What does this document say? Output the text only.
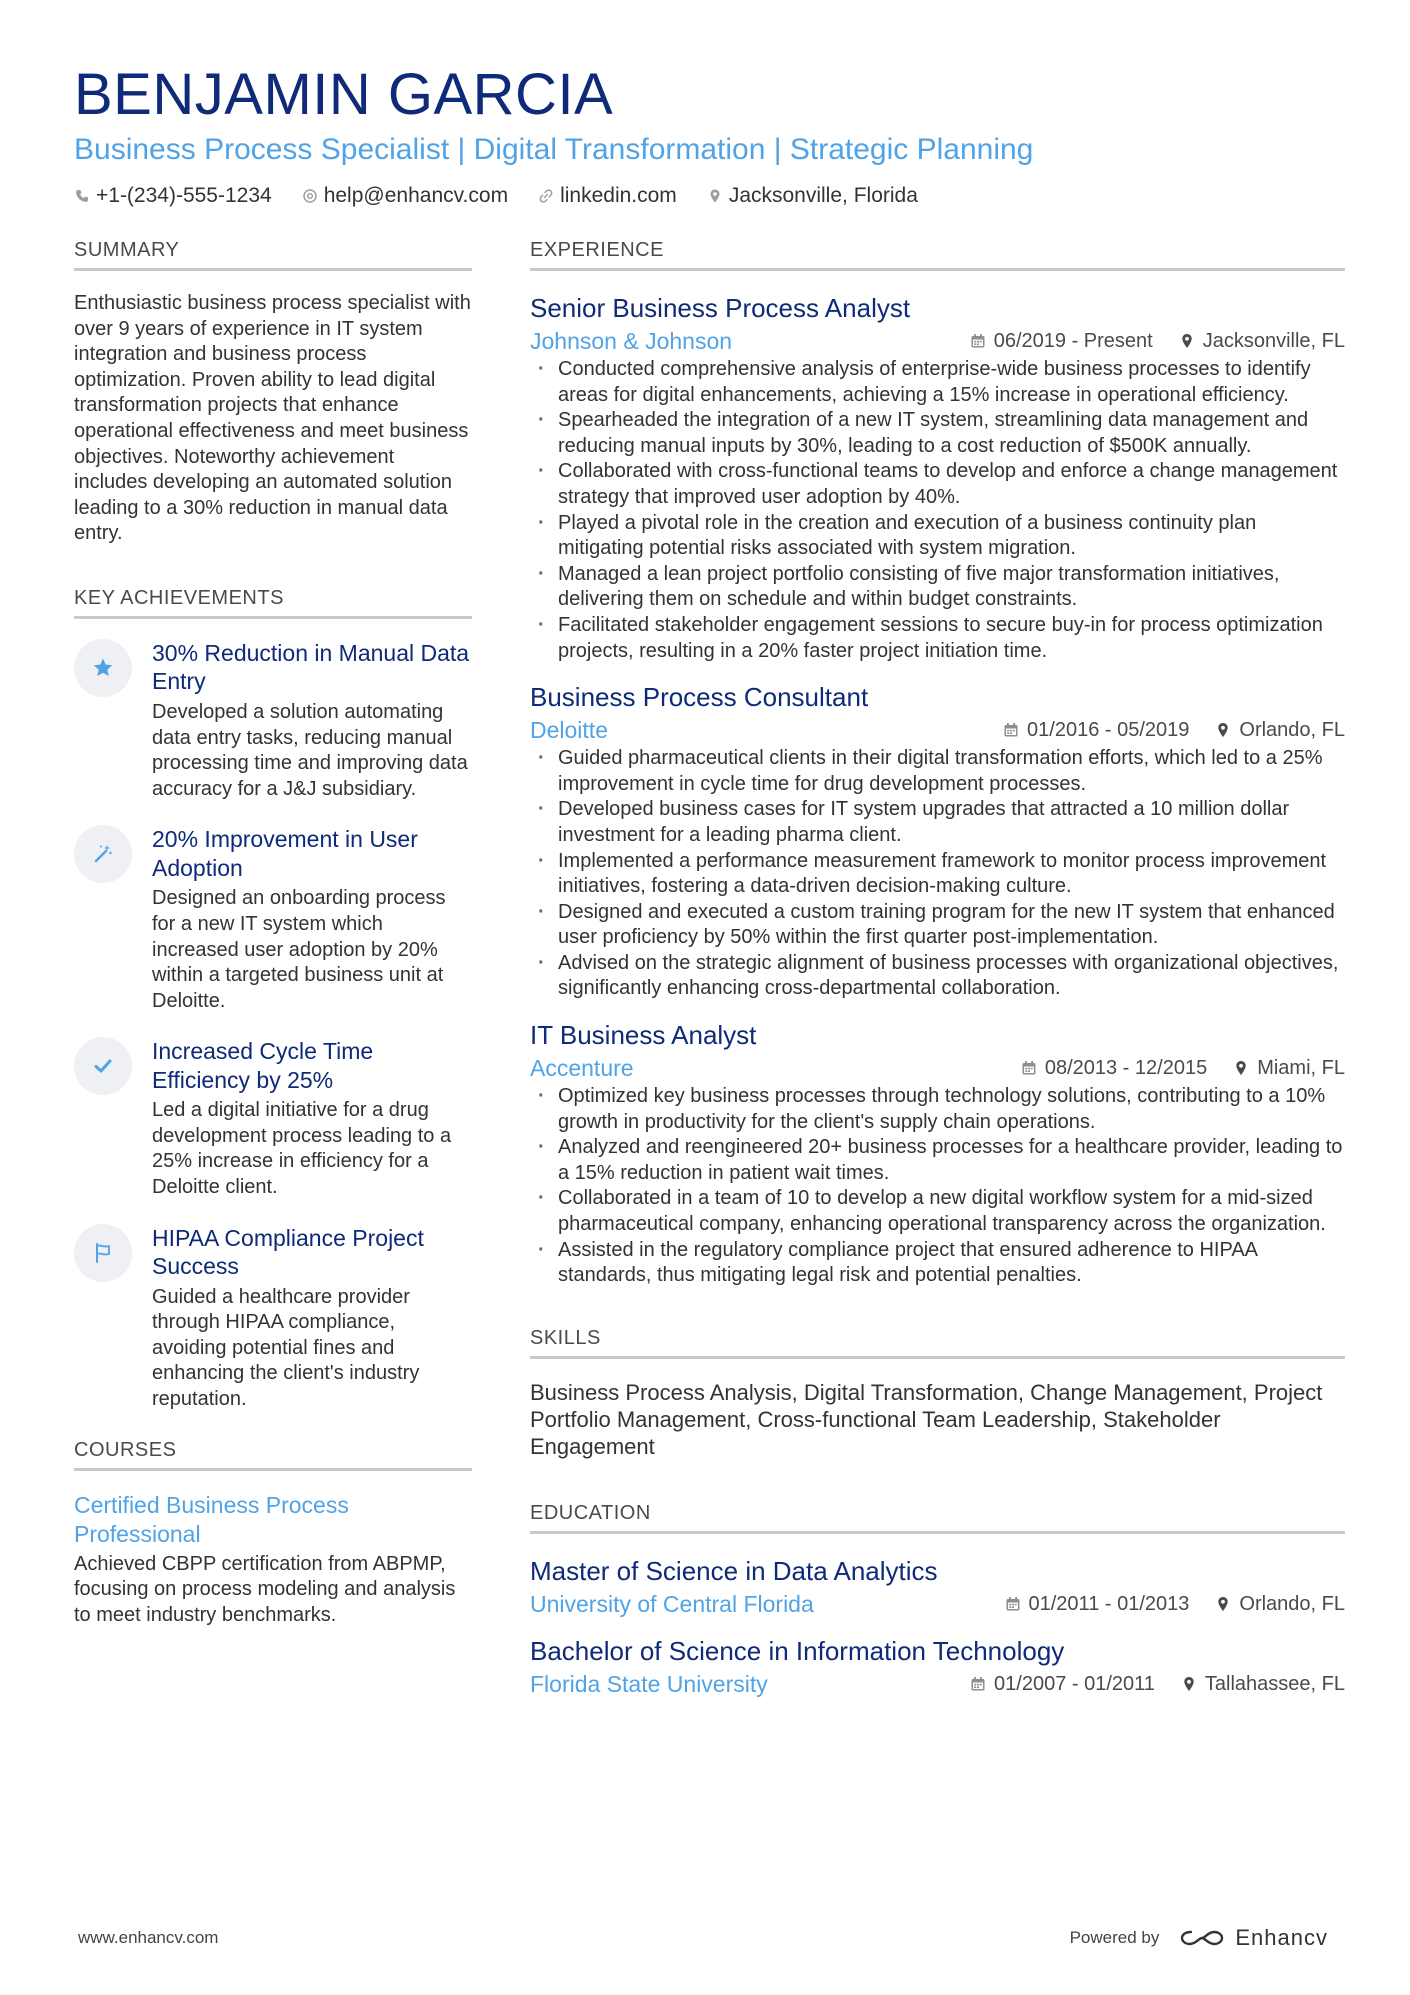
BENJAMIN GARCIA
Business Process Specialist | Digital Transformation | Strategic Planning
+1-(234)-555-1234 help@enhancv.com linkedin.com Jacksonville, Florida
SUMMARY
Enthusiastic business process specialist with over 9 years of experience in IT system integration and business process optimization. Proven ability to lead digital transformation projects that enhance operational effectiveness and meet business objectives. Noteworthy achievement includes developing an automated solution leading to a 30% reduction in manual data entry.
KEY ACHIEVEMENTS
30% Reduction in Manual Data Entry
Developed a solution automating data entry tasks, reducing manual processing time and improving data accuracy for a J&J subsidiary.
20% Improvement in User Adoption
Designed an onboarding process for a new IT system which increased user adoption by 20% within a targeted business unit at Deloitte.
Increased Cycle Time Efficiency by 25%
Led a digital initiative for a drug development process leading to a 25% increase in efficiency for a Deloitte client.
HIPAA Compliance Project Success
Guided a healthcare provider through HIPAA compliance, avoiding potential fines and enhancing the client's industry reputation.
COURSES
Certified Business Process Professional
Achieved CBPP certification from ABPMP, focusing on process modeling and analysis to meet industry benchmarks.
EXPERIENCE
Senior Business Process Analyst
Johnson & Johnson	06/2019 - Present	Jacksonville, FL
· Conducted comprehensive analysis of enterprise-wide business processes to identify areas for digital enhancements, achieving a 15% increase in operational efficiency.
· Spearheaded the integration of a new IT system, streamlining data management and reducing manual inputs by 30%, leading to a cost reduction of $500K annually.
· Collaborated with cross-functional teams to develop and enforce a change management strategy that improved user adoption by 40%.
· Played a pivotal role in the creation and execution of a business continuity plan mitigating potential risks associated with system migration.
· Managed a lean project portfolio consisting of five major transformation initiatives, delivering them on schedule and within budget constraints.
· Facilitated stakeholder engagement sessions to secure buy-in for process optimization projects, resulting in a 20% faster project initiation time.
Business Process Consultant
Deloitte	01/2016 - 05/2019	Orlando, FL
· Guided pharmaceutical clients in their digital transformation efforts, which led to a 25% improvement in cycle time for drug development processes.
· Developed business cases for IT system upgrades that attracted a 10 million dollar investment for a leading pharma client.
· Implemented a performance measurement framework to monitor process improvement initiatives, fostering a data-driven decision-making culture.
· Designed and executed a custom training program for the new IT system that enhanced user proficiency by 50% within the first quarter post-implementation.
· Advised on the strategic alignment of business processes with organizational objectives, significantly enhancing cross-departmental collaboration.
IT Business Analyst
Accenture	08/2013 - 12/2015	Miami, FL
· Optimized key business processes through technology solutions, contributing to a 10% growth in productivity for the client's supply chain operations.
· Analyzed and reengineered 20+ business processes for a healthcare provider, leading to a 15% reduction in patient wait times.
· Collaborated in a team of 10 to develop a new digital workflow system for a mid-sized pharmaceutical company, enhancing operational transparency across the organization.
· Assisted in the regulatory compliance project that ensured adherence to HIPAA standards, thus mitigating legal risk and potential penalties.
SKILLS
Business Process Analysis, Digital Transformation, Change Management, Project Portfolio Management, Cross-functional Team Leadership, Stakeholder Engagement
EDUCATION
Master of Science in Data Analytics
University of Central Florida	01/2011 - 01/2013	Orlando, FL
Bachelor of Science in Information Technology
Florida State University	01/2007 - 01/2011	Tallahassee, FL
www.enhancv.com	Powered by	Enhancv
